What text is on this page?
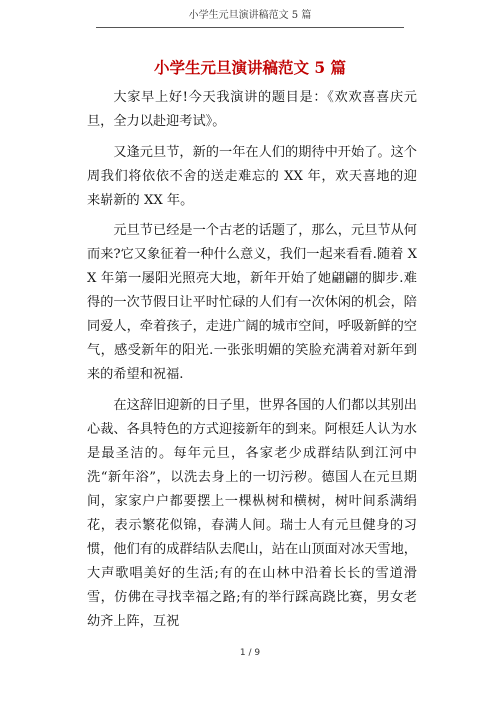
小学生元旦演讲稿范文 5 篇
小学生元旦演讲稿范文 5 篇

大家早上好!今天我演讲的题目是：《欢欢喜喜庆元旦，全力以赴迎考试》。

又逢元旦节，新的一年在人们的期待中开始了。这个周我们将依依不舍的送走难忘的 XX 年，欢天喜地的迎来崭新的 XX 年。

元旦节已经是一个古老的话题了，那么，元旦节从何而来?它又象征着一种什么意义，我们一起来看看.随着 XX 年第一屡阳光照亮大地，新年开始了她翩翩的脚步.难得的一次节假日让平时忙碌的人们有一次休闲的机会，陪同爱人，牵着孩子，走进广阔的城市空间，呼吸新鲜的空气，感受新年的阳光.一张张明媚的笑脸充满着对新年到来的希望和祝福.

在这辞旧迎新的日子里，世界各国的人们都以其别出心裁、各具特色的方式迎接新年的到来。阿根廷人认为水是最圣洁的。每年元旦，各家老少成群结队到江河中洗“新年浴”，以洗去身上的一切污秽。德国人在元旦期间，家家户户都要摆上一棵枞树和横树，树叶间系满绢花，表示繁花似锦，春满人间。瑞士人有元旦健身的习惯，他们有的成群结队去爬山，站在山顶面对冰天雪地，大声歌唱美好的生活;有的在山林中沿着长长的雪道滑雪，仿佛在寻找幸福之路;有的举行踩高跷比赛，男女老幼齐上阵，互祝

1 / 9
